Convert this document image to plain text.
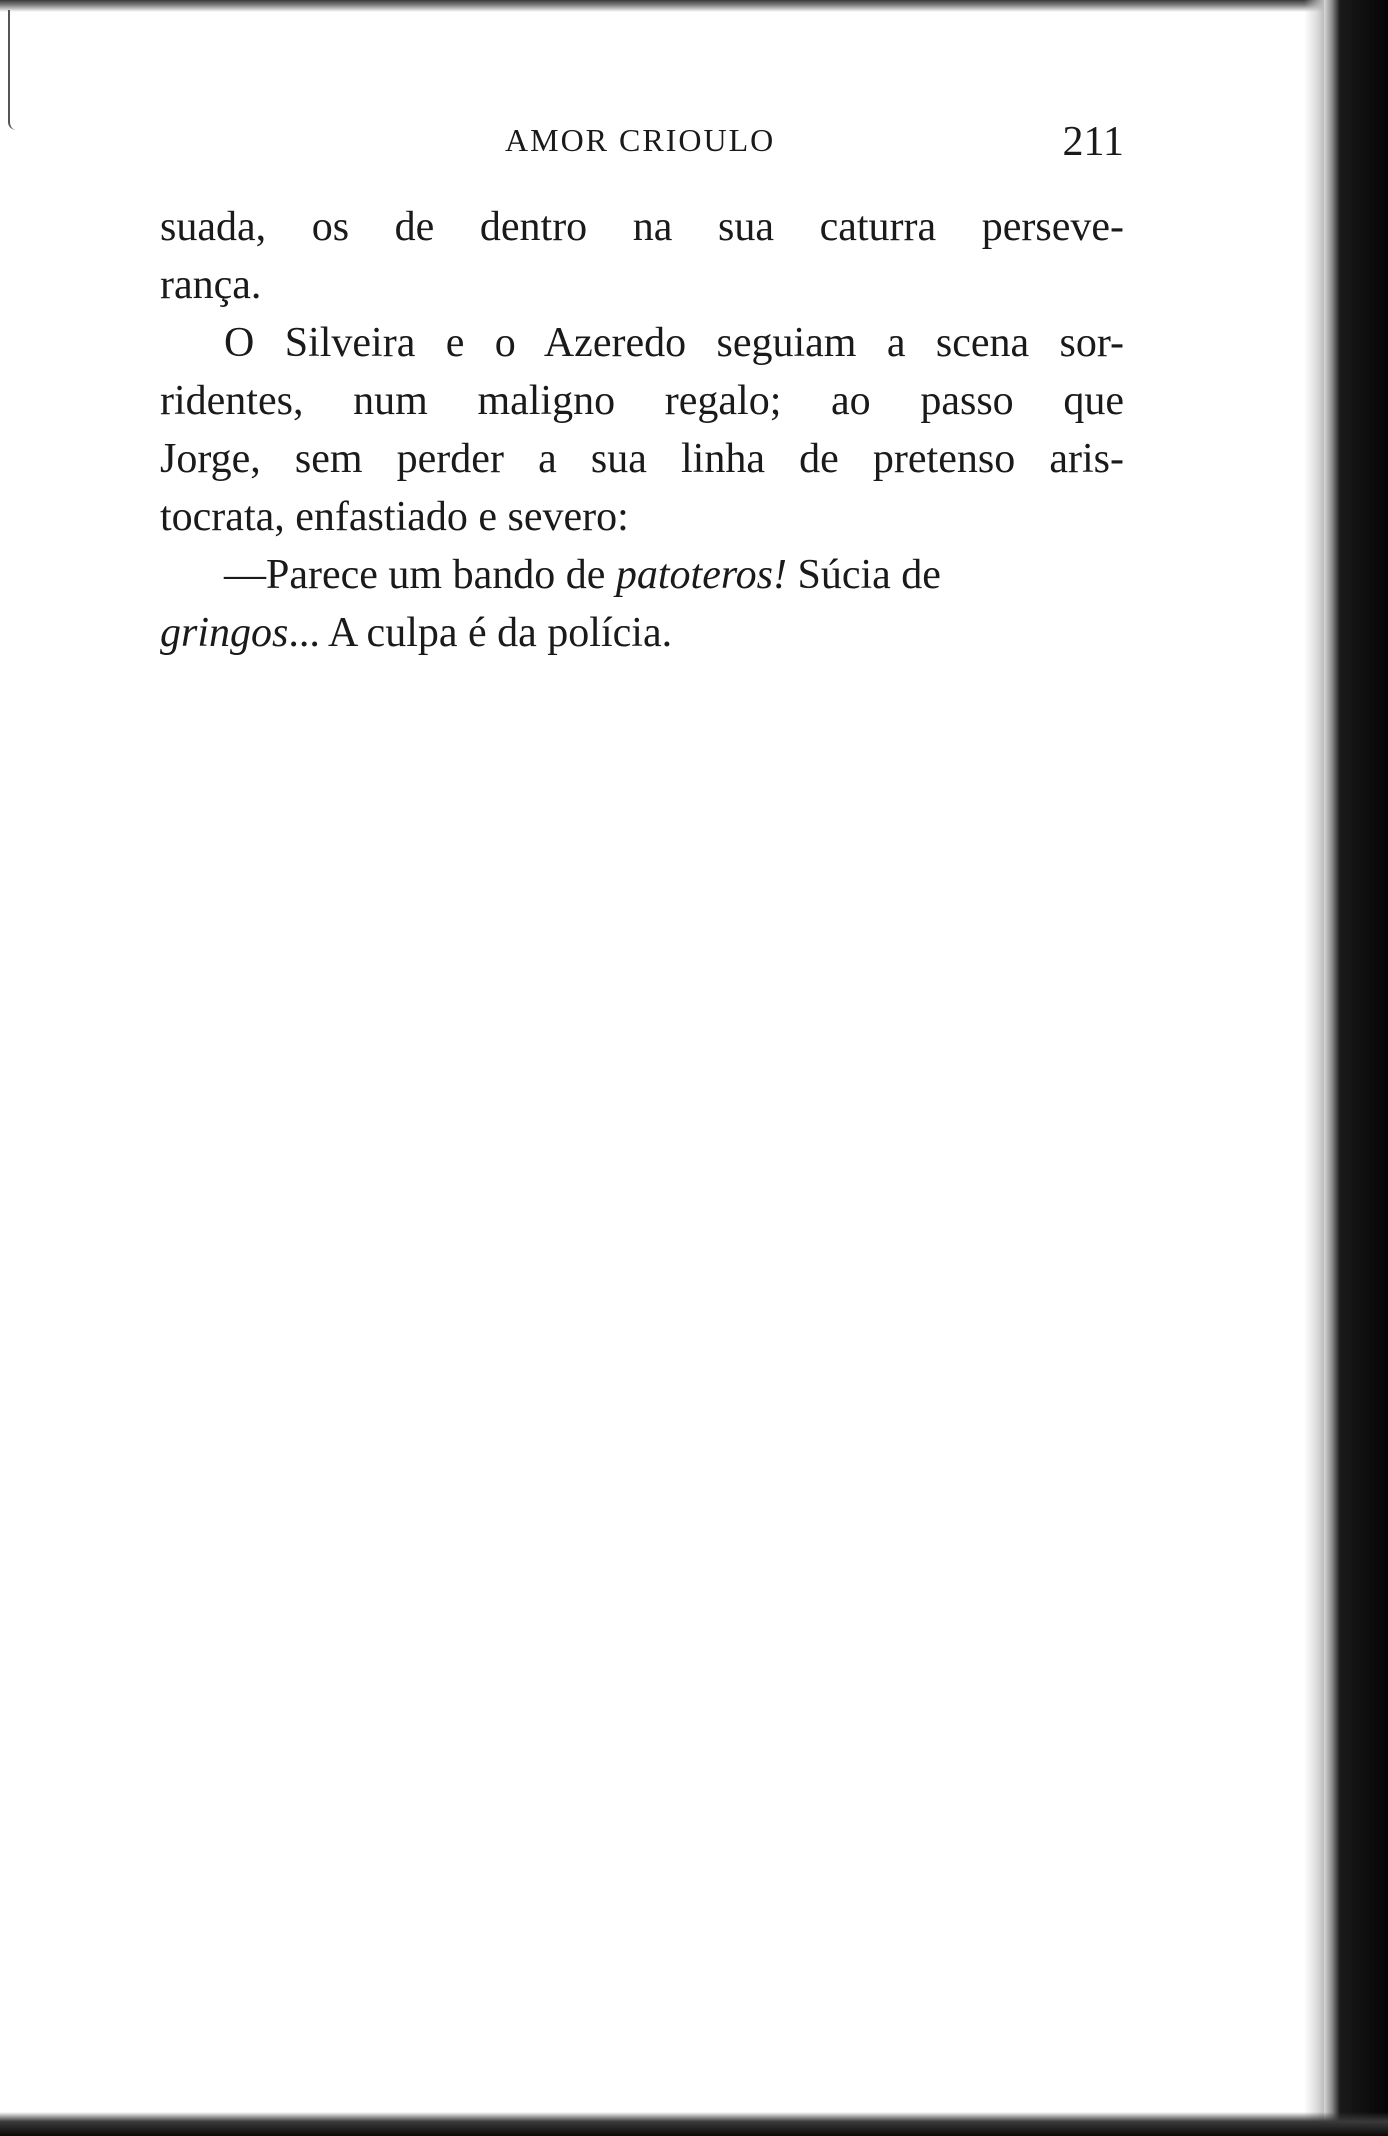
AMOR CRIOULO	211
suada, os de dentro na sua caturra perseve-
rança.
O Silveira e o Azeredo seguiam a scena sor-
ridentes, num maligno regalo; ao passo que
Jorge, sem perder a sua linha de pretenso aris-
tocrata, enfastiado e severo:
—Parece um bando de patoteros! Súcia de
gringos... A culpa é da polícia.
